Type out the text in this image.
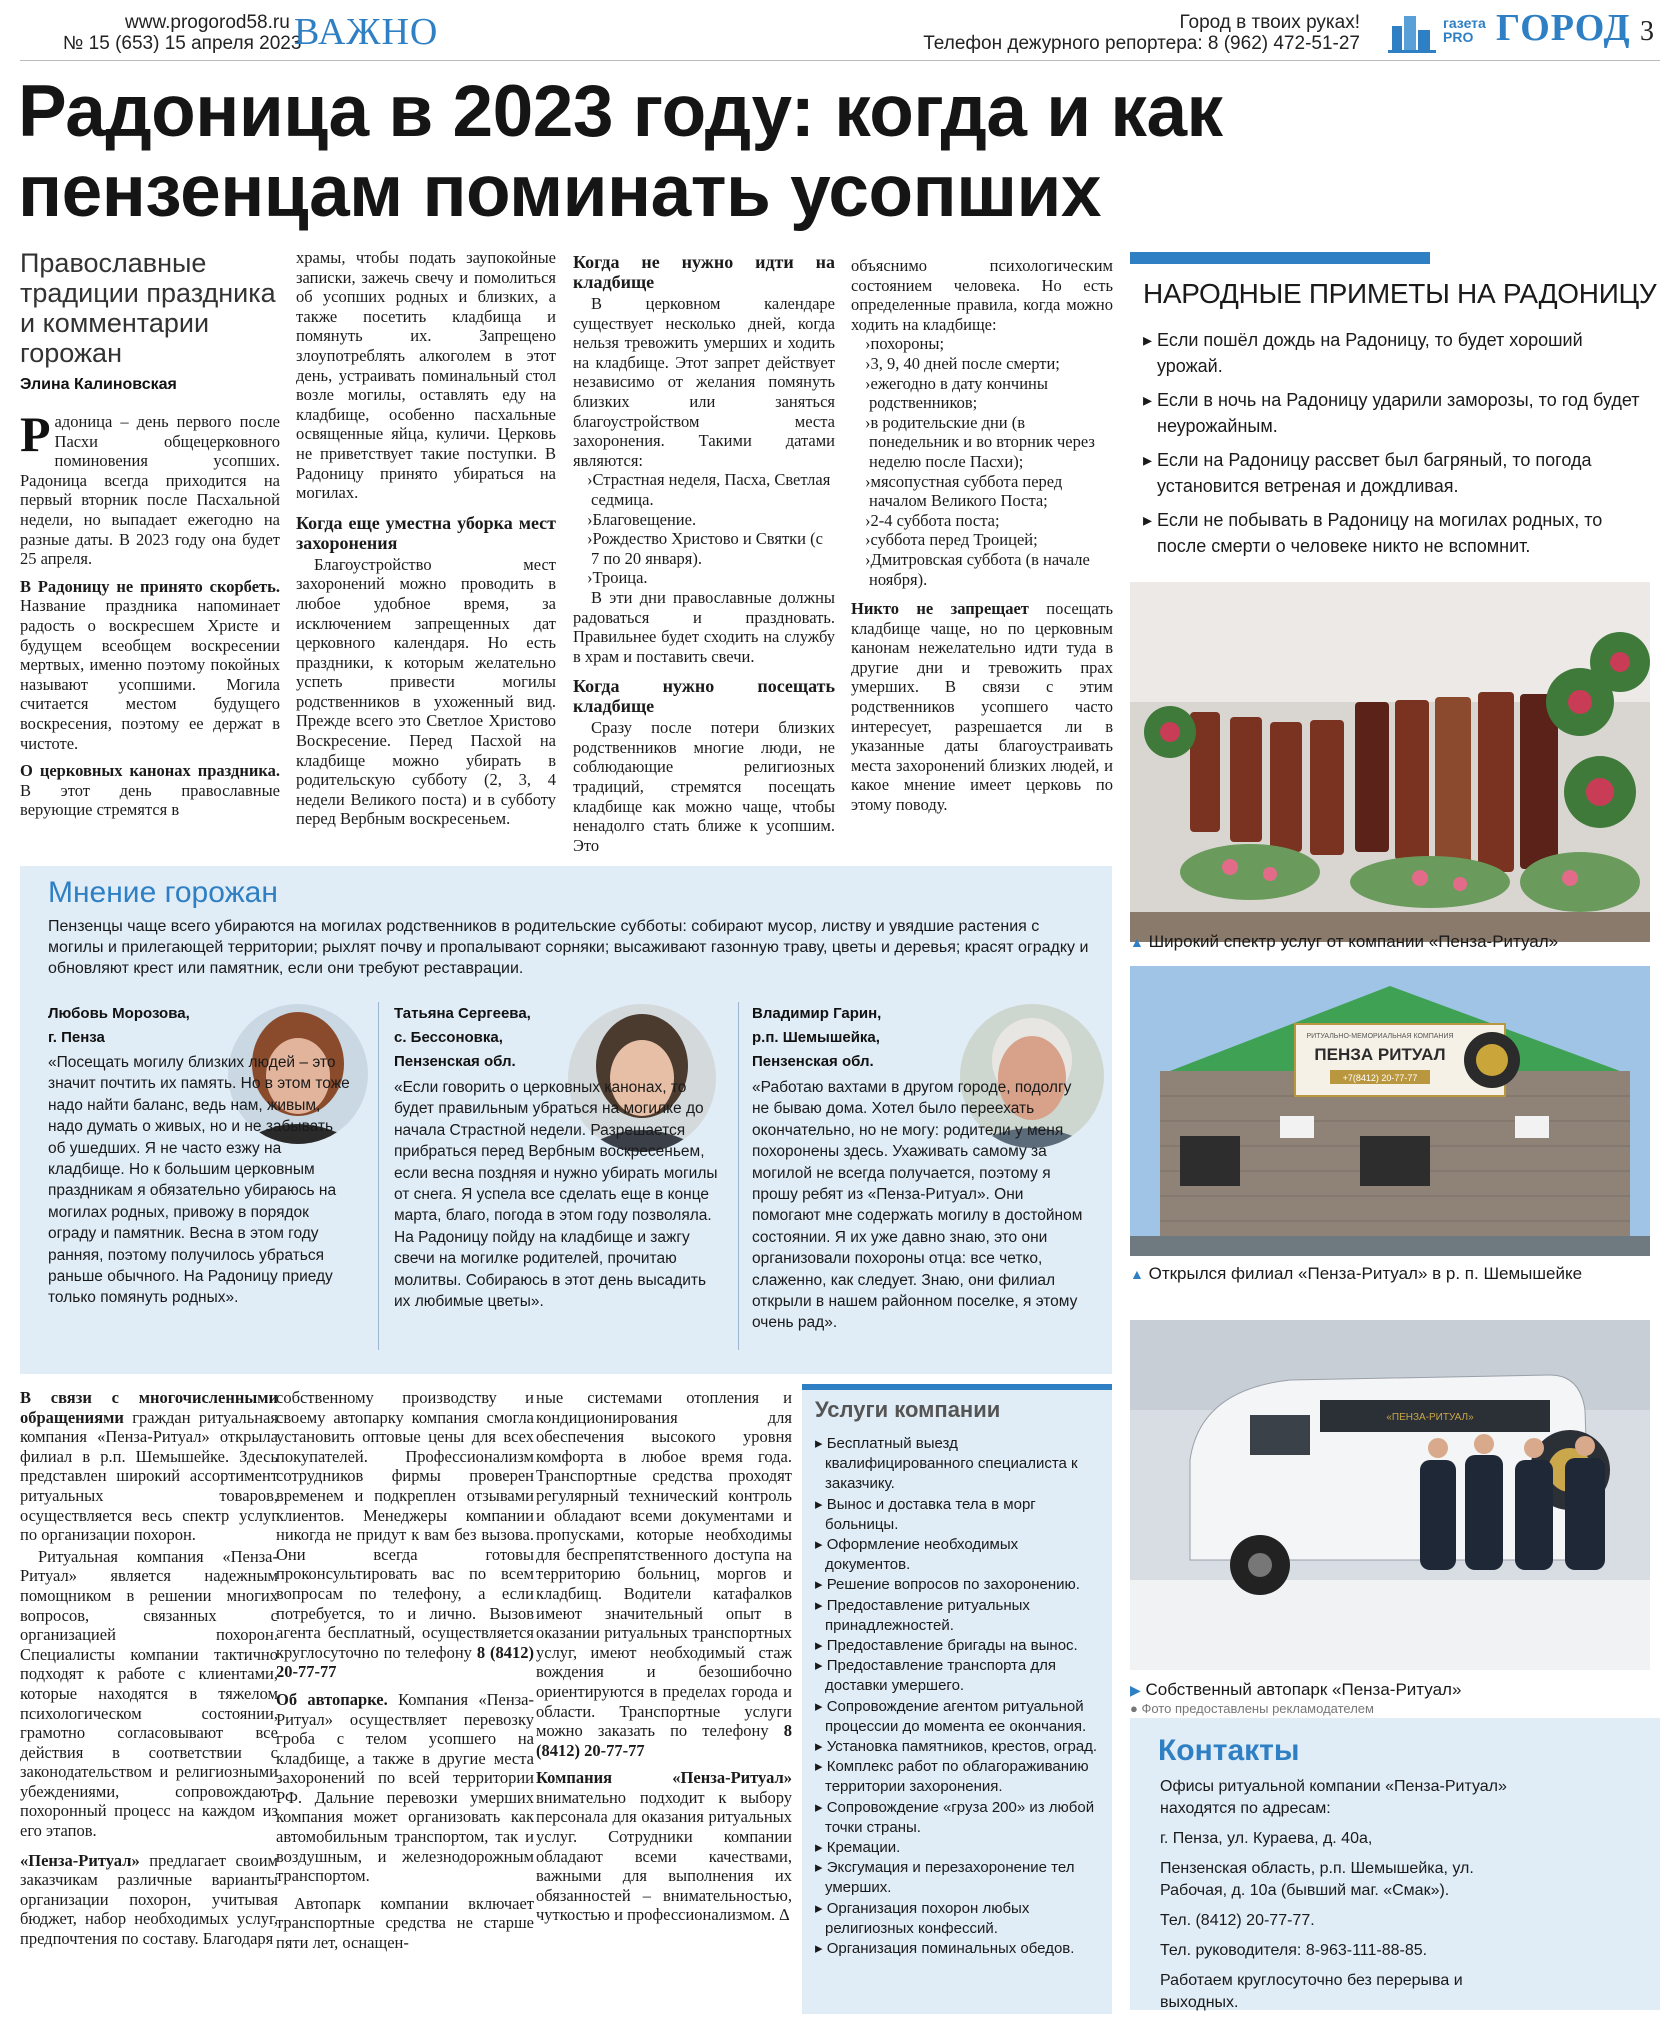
www.progorod58.ru
№ 15 (653) 15 апреля 2023
ВАЖНО	Город в твоих руках!
Телефон дежурного репортера: 8 (962) 472-51-27
газета
PRO ГОРОД 3
Радоница в 2023 году: когда и как
пензенцам поминать усопших
Православные традиции праздника и комментарии горожан
Элина Калиновская

Радоница – день первого после Пасхи общецерковного поминовения усопших. Радоница всегда приходится на первый вторник после Пасхальной недели, но выпадает ежегодно на разные даты. В 2023 году она будет 25 апреля.

В Радоницу не принято скорбеть. Название праздника напоминает радость о воскресшем Христе и будущем всеобщем воскресении мертвых, именно поэтому покойных называют усопшими. Могила считается местом будущего воскресения, поэтому ее держат в чистоте.

О церковных канонах праздника. В этот день православные верующие стремятся в

храмы, чтобы подать заупокойные записки, зажечь свечу и помолиться об усопших родных и близких, а также посетить кладбища и помянуть их. Запрещено злоупотреблять алкоголем в этот день, устраивать поминальный стол возле могилы, оставлять еду на кладбище, особенно пасхальные освященные яйца, куличи. Церковь не приветствует такие поступки. В Радоницу принято убираться на могилах.

Когда еще уместна уборка мест захоронения

Благоустройство мест захоронений можно проводить в любое удобное время, за исключением запрещенных дат церковного календаря. Но есть праздники, к которым желательно успеть привести могилы родственников в ухоженный вид. Прежде всего это Светлое Христово Воскресение. Перед Пасхой на кладбище можно убирать в родительскую субботу (2, 3, 4 недели Великого поста) и в субботу перед Вербным воскресеньем.

Когда не нужно идти на кладбище

В церковном календаре существует несколько дней, когда нельзя тревожить умерших и ходить на кладбище. Этот запрет действует независимо от желания помянуть близких или заняться благоустройством места захоронения. Такими датами являются:

›Страстная неделя, Пасха, Светлая седмица.
›Благовещение.
›Рождество Христово и Святки (с 7 по 20 января).
›Троица.

В эти дни православные должны радоваться и праздновать. Правильнее будет сходить на службу в храм и поставить свечи.

Когда нужно посещать кладбище

Сразу после потери близких родственников многие люди, не соблюдающие религиозных традиций, стремятся посещать кладбище как можно чаще, чтобы ненадолго стать ближе к усопшим. Это

объяснимо психологическим состоянием человека. Но есть определенные правила, когда можно ходить на кладбище:

›похороны;
›3, 9, 40 дней после смерти;
›ежегодно в дату кончины родственников;
›в родительские дни (в понедельник и во вторник через неделю после Пасхи);
›мясопустная суббота перед началом Великого Поста;
›2-4 суббота поста;
›суббота перед Троицей;
›Дмитровская суббота (в начале ноября).

Никто не запрещает посещать кладбище чаще, но по церковным канонам нежелательно идти туда в другие дни и тревожить прах умерших. В связи с этим родственников усопшего часто интересует, разрешается ли в указанные даты благоустраивать места захоронений близких людей, и какое мнение имеет церковь по этому поводу.

НАРОДНЫЕ ПРИМЕТЫ НА РАДОНИЦУ
▸ Если пошёл дождь на Радоницу, то будет хороший урожай.
▸ Если в ночь на Радоницу ударили заморозы, то год будет неурожайным.
▸ Если на Радоницу рассвет был багряный, то погода установится ветреная и дождливая.
▸ Если не побывать в Радоницу на могилах родных, то после смерти о человеке никто не вспомнит.
▲ Широкий спектр услуг от компании «Пенза-Ритуал»
РИТУАЛЬНО-МЕМОРИАЛЬНАЯ КОМПАНИЯ
ПЕНЗА РИТУАЛ
+7(8412) 20-77-77
▲ Открылся филиал «Пенза-Ритуал» в р. п. Шемышейке
«ПЕНЗА-РИТУАЛ»
▶ Собственный автопарк «Пенза-Ритуал»
● Фото предоставлены рекламодателем
Мнение горожан
Пензенцы чаще всего убираются на могилах родственников в родительские субботы: собирают мусор, листву и увядшие растения с могилы и прилегающей территории; рыхлят почву и пропалывают сорняки; высаживают газонную траву, цветы и деревья; красят оградку и обновляют крест или памятник, если они требуют реставрации.
Любовь Морозова,
г. Пенза
«Посещать могилу близких людей – это значит почтить их память. Но в этом тоже надо найти баланс, ведь нам, живым, надо думать о живых, но и не забывать об ушедших. Я не часто езжу на кладбище. Но к большим церковным праздникам я обязательно убираюсь на могилах родных, привожу в порядок ограду и памятник. Весна в этом году ранняя, поэтому получилось убраться раньше обычного. На Радоницу приеду только помянуть родных».
Татьяна Сергеева,
с. Бессоновка, Пензенская обл.
«Если говорить о церковных канонах, то будет правильным убраться на могилке до начала Страстной недели. Разрешается прибраться перед Вербным воскресеньем, если весна поздняя и нужно убирать могилы от снега. Я успела все сделать еще в конце марта, благо, погода в этом году позволяла. На Радоницу пойду на кладбище и зажгу свечи на могилке родителей, прочитаю молитвы. Собираюсь в этот день высадить их любимые цветы».
Владимир Гарин,
р.п. Шемышейка, Пензенская обл.
«Работаю вахтами в другом городе, подолгу не бываю дома. Хотел было переехать окончательно, но не могу: родители у меня похоронены здесь. Ухаживать самому за могилой не всегда получается, поэтому я прошу ребят из «Пенза-Ритуал». Они помогают мне содержать могилу в достойном состоянии. Я их уже давно знаю, это они организовали похороны отца: все четко, слаженно, как следует. Знаю, они филиал открыли в нашем районном поселке, я этому очень рад».

В связи с многочисленными обращениями граждан ритуальная компания «Пенза-Ритуал» открыла филиал в р.п. Шемышейке. Здесь представлен широкий ассортимент ритуальных товаров, осуществляется весь спектр услуг по организации похорон.

Ритуальная компания «Пенза-Ритуал» является надежным помощником в решении многих вопросов, связанных с организацией похорон. Специалисты компании тактично подходят к работе с клиентами, которые находятся в тяжелом психологическом состоянии, грамотно согласовывают все действия в соответствии с законодательством и религиозными убеждениями, сопровождают похоронный процесс на каждом из его этапов.

«Пенза-Ритуал» предлагает своим заказчикам различные варианты организации похорон, учитывая бюджет, набор необходимых услуг, предпочтения по составу. Благодаря

собственному производству и своему автопарку компания смогла установить оптовые цены для всех покупателей. Профессионализм сотрудников фирмы проверен временем и подкреплен отзывами клиентов. Менеджеры компании никогда не придут к вам без вызова. Они всегда готовы проконсультировать вас по всем вопросам по телефону, а если потребуется, то и лично. Вызов агента бесплатный, осуществляется круглосуточно по телефону 8 (8412) 20-77-77

Об автопарке. Компания «Пенза-Ритуал» осуществляет перевозку гроба с телом усопшего на кладбище, а также в другие места захоронений по всей территории РФ. Дальние перевозки умерших компания может организовать как автомобильным транспортом, так и воздушным, и железнодорожным транспортом.

Автопарк компании включает транспортные средства не старше пяти лет, оснащен-

ные системами отопления и кондиционирования для обеспечения высокого уровня комфорта в любое время года. Транспортные средства проходят регулярный технический контроль и обладают всеми документами и пропусками, которые необходимы для беспрепятственного доступа на территорию больниц, моргов и кладбищ. Водители катафалков имеют значительный опыт в оказании ритуальных транспортных услуг, имеют необходимый стаж вождения и безошибочно ориентируются в пределах города и области. Транспортные услуги можно заказать по телефону 8 (8412) 20-77-77

Компания «Пенза-Ритуал» внимательно подходит к выбору персонала для оказания ритуальных услуг. Сотрудники компании обладают всеми качествами, важными для выполнения их обязанностей – внимательностью, чуткостью и профессионализмом. ∆

Услуги компании
▸ Бесплатный выезд квалифицированного специалиста к заказчику.
▸ Вынос и доставка тела в морг больницы.
▸ Оформление необходимых документов.
▸ Решение вопросов по захоронению.
▸ Предоставление ритуальных принадлежностей.
▸ Предоставление бригады на вынос.
▸ Предоставление транспорта для доставки умершего.
▸ Сопровождение агентом ритуальной процессии до момента ее окончания.
▸ Установка памятников, крестов, оград.
▸ Комплекс работ по облагораживанию территории захоронения.
▸ Сопровождение «груза 200» из любой точки страны.
▸ Кремации.
▸ Эксгумация и перезахоронение тел умерших.
▸ Организация похорон любых религиозных конфессий.
▸ Организация поминальных обедов.
Контакты
Офисы ритуальной компании «Пенза-Ритуал» находятся по адресам:
г. Пенза, ул. Кураева, д. 40а,
Пензенская область, р.п. Шемышейка, ул. Рабочая, д. 10а (бывший маг. «Смак»).
Тел. (8412) 20-77-77.
Тел. руководителя: 8-963-111-88-85.
Работаем круглосуточно без перерыва и выходных.
